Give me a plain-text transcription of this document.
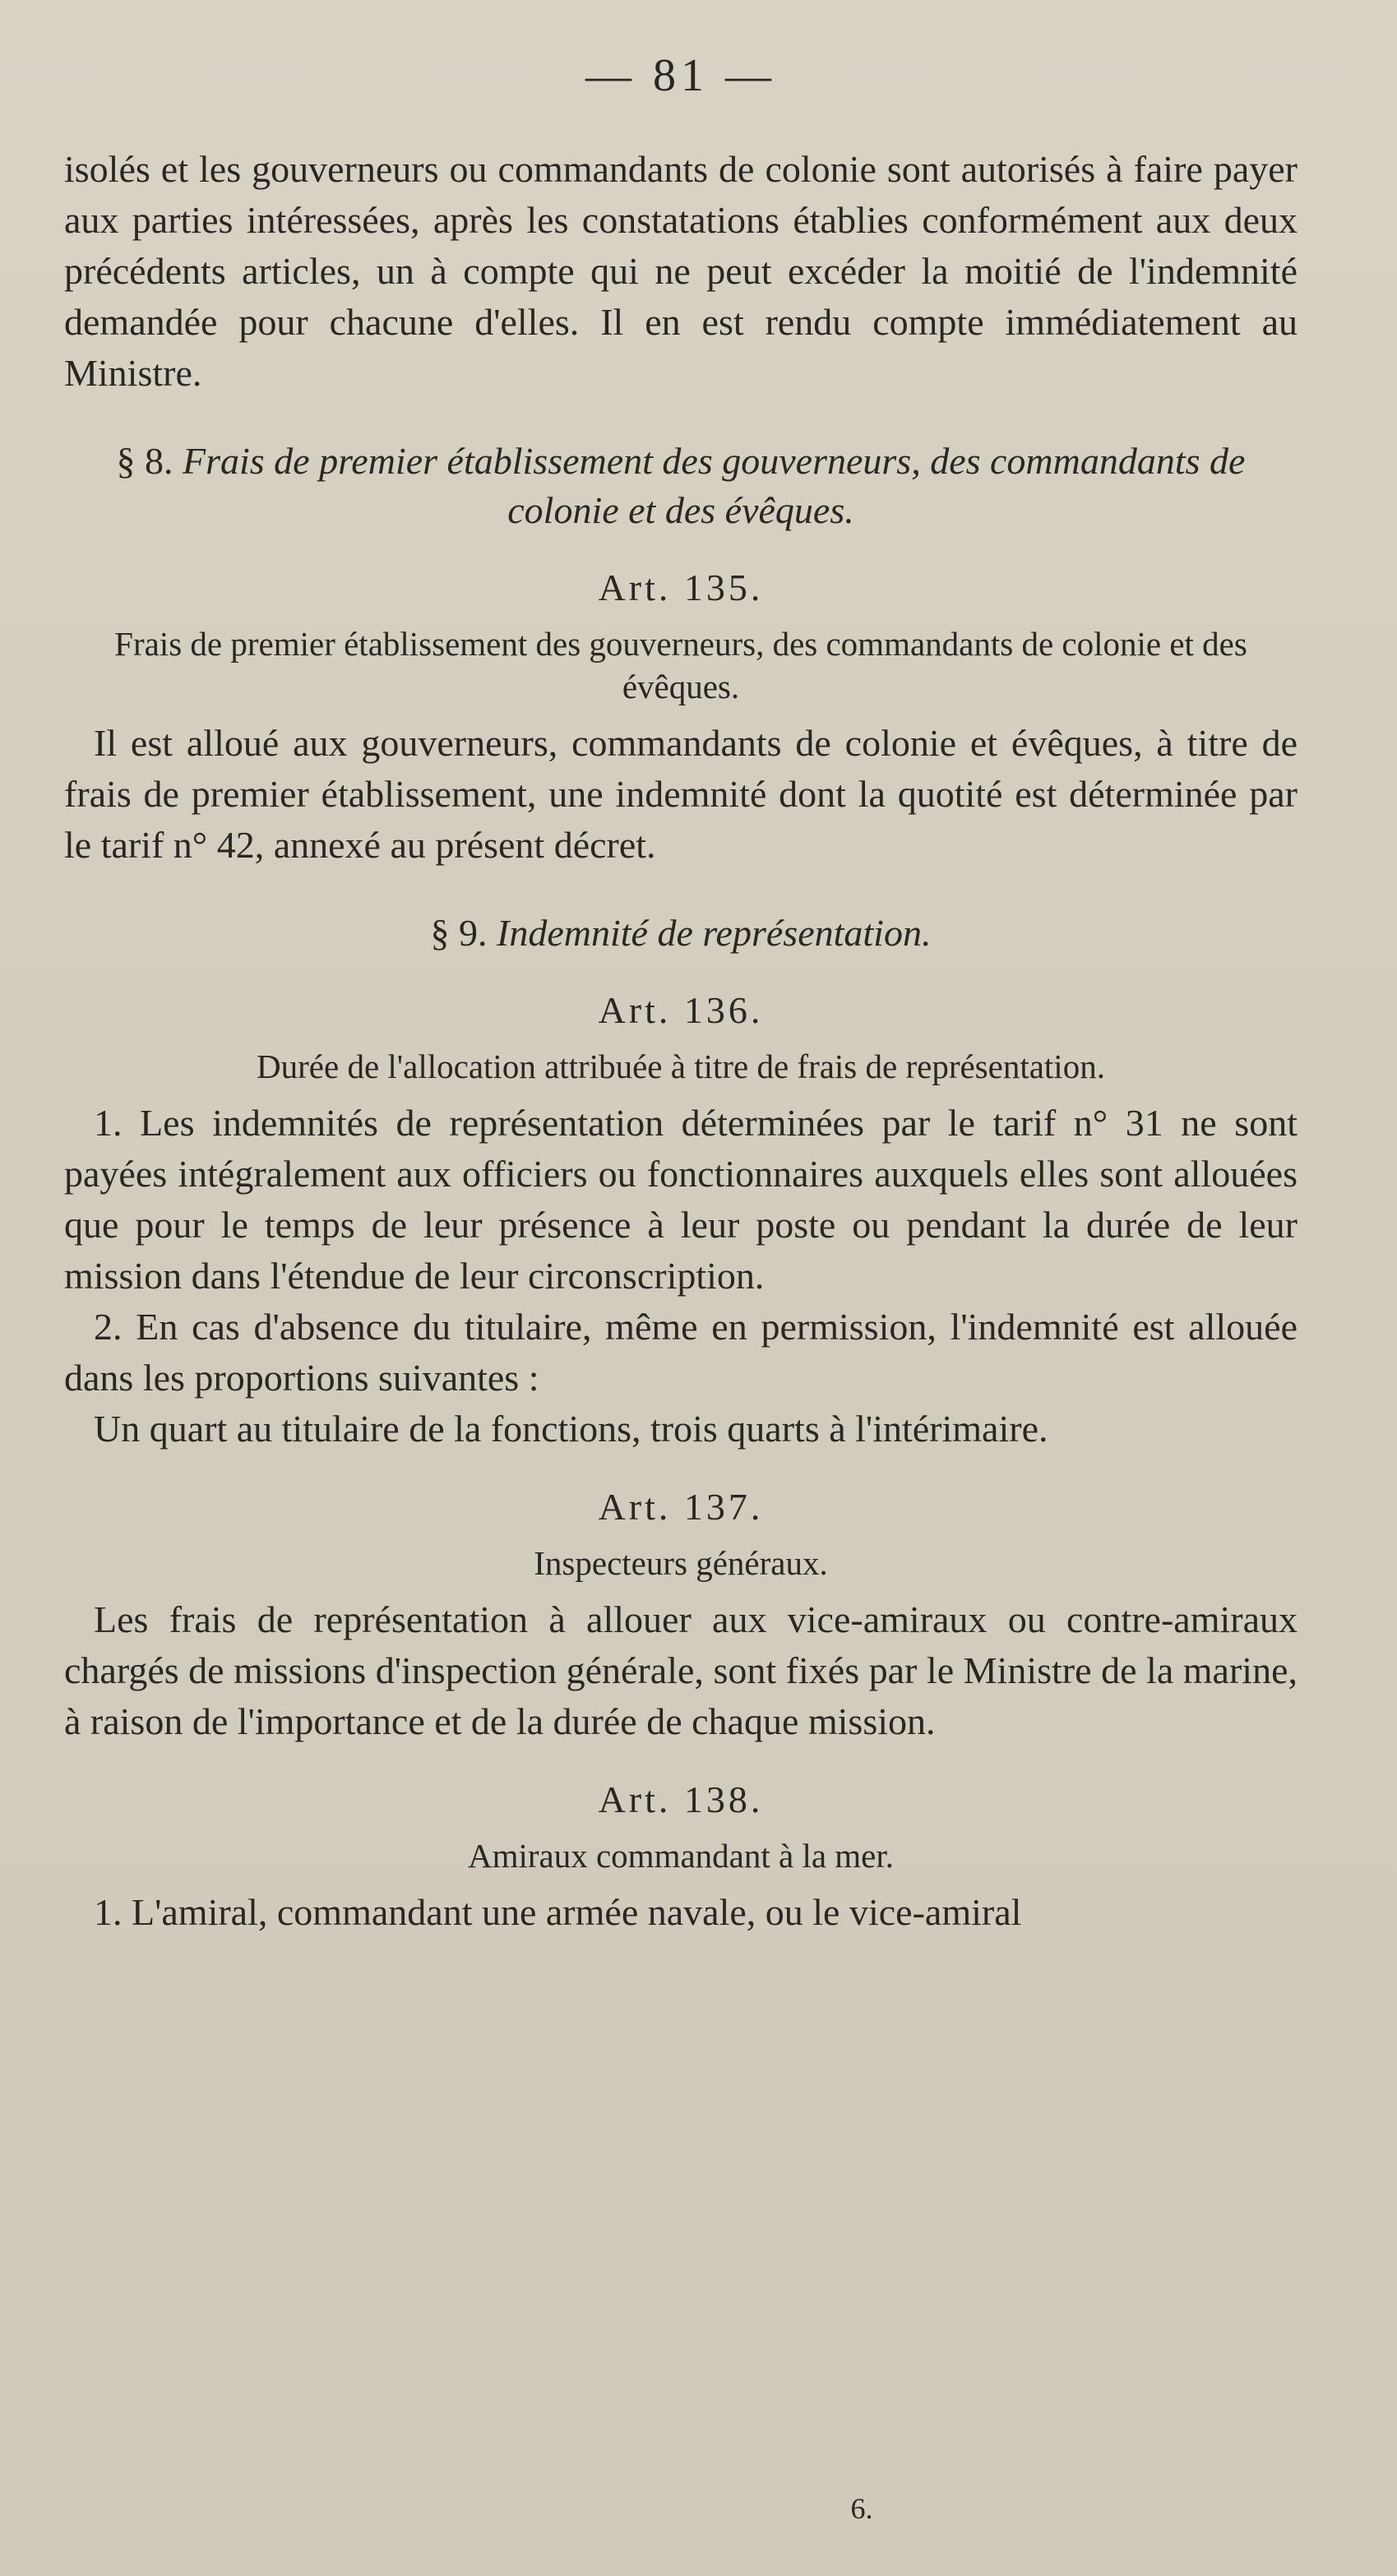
— 81 —

isolés et les gouverneurs ou commandants de colonie sont autorisés à faire payer aux parties intéressées, après les constatations établies conformément aux deux précédents articles, un à compte qui ne peut excéder la moitié de l'indemnité demandée pour chacune d'elles. Il en est rendu compte immédiatement au Ministre.

§ 8. Frais de premier établissement des gouverneurs, des commandants de colonie et des évêques.
Art. 135.
Frais de premier établissement des gouverneurs, des commandants de colonie et des évêques.

Il est alloué aux gouverneurs, commandants de colonie et évêques, à titre de frais de premier établissement, une indemnité dont la quotité est déterminée par le tarif n° 42, annexé au présent décret.

§ 9. Indemnité de représentation.
Art. 136.
Durée de l'allocation attribuée à titre de frais de représentation.

1. Les indemnités de représentation déterminées par le tarif n° 31 ne sont payées intégralement aux officiers ou fonctionnaires auxquels elles sont allouées que pour le temps de leur présence à leur poste ou pendant la durée de leur mission dans l'étendue de leur circonscription.

2. En cas d'absence du titulaire, même en permission, l'indemnité est allouée dans les proportions suivantes :

Un quart au titulaire de la fonctions, trois quarts à l'intérimaire.

Art. 137.
Inspecteurs généraux.

Les frais de représentation à allouer aux vice-amiraux ou contre-amiraux chargés de missions d'inspection générale, sont fixés par le Ministre de la marine, à raison de l'importance et de la durée de chaque mission.

Art. 138.
Amiraux commandant à la mer.

1. L'amiral, commandant une armée navale, ou le vice-amiral

6.
